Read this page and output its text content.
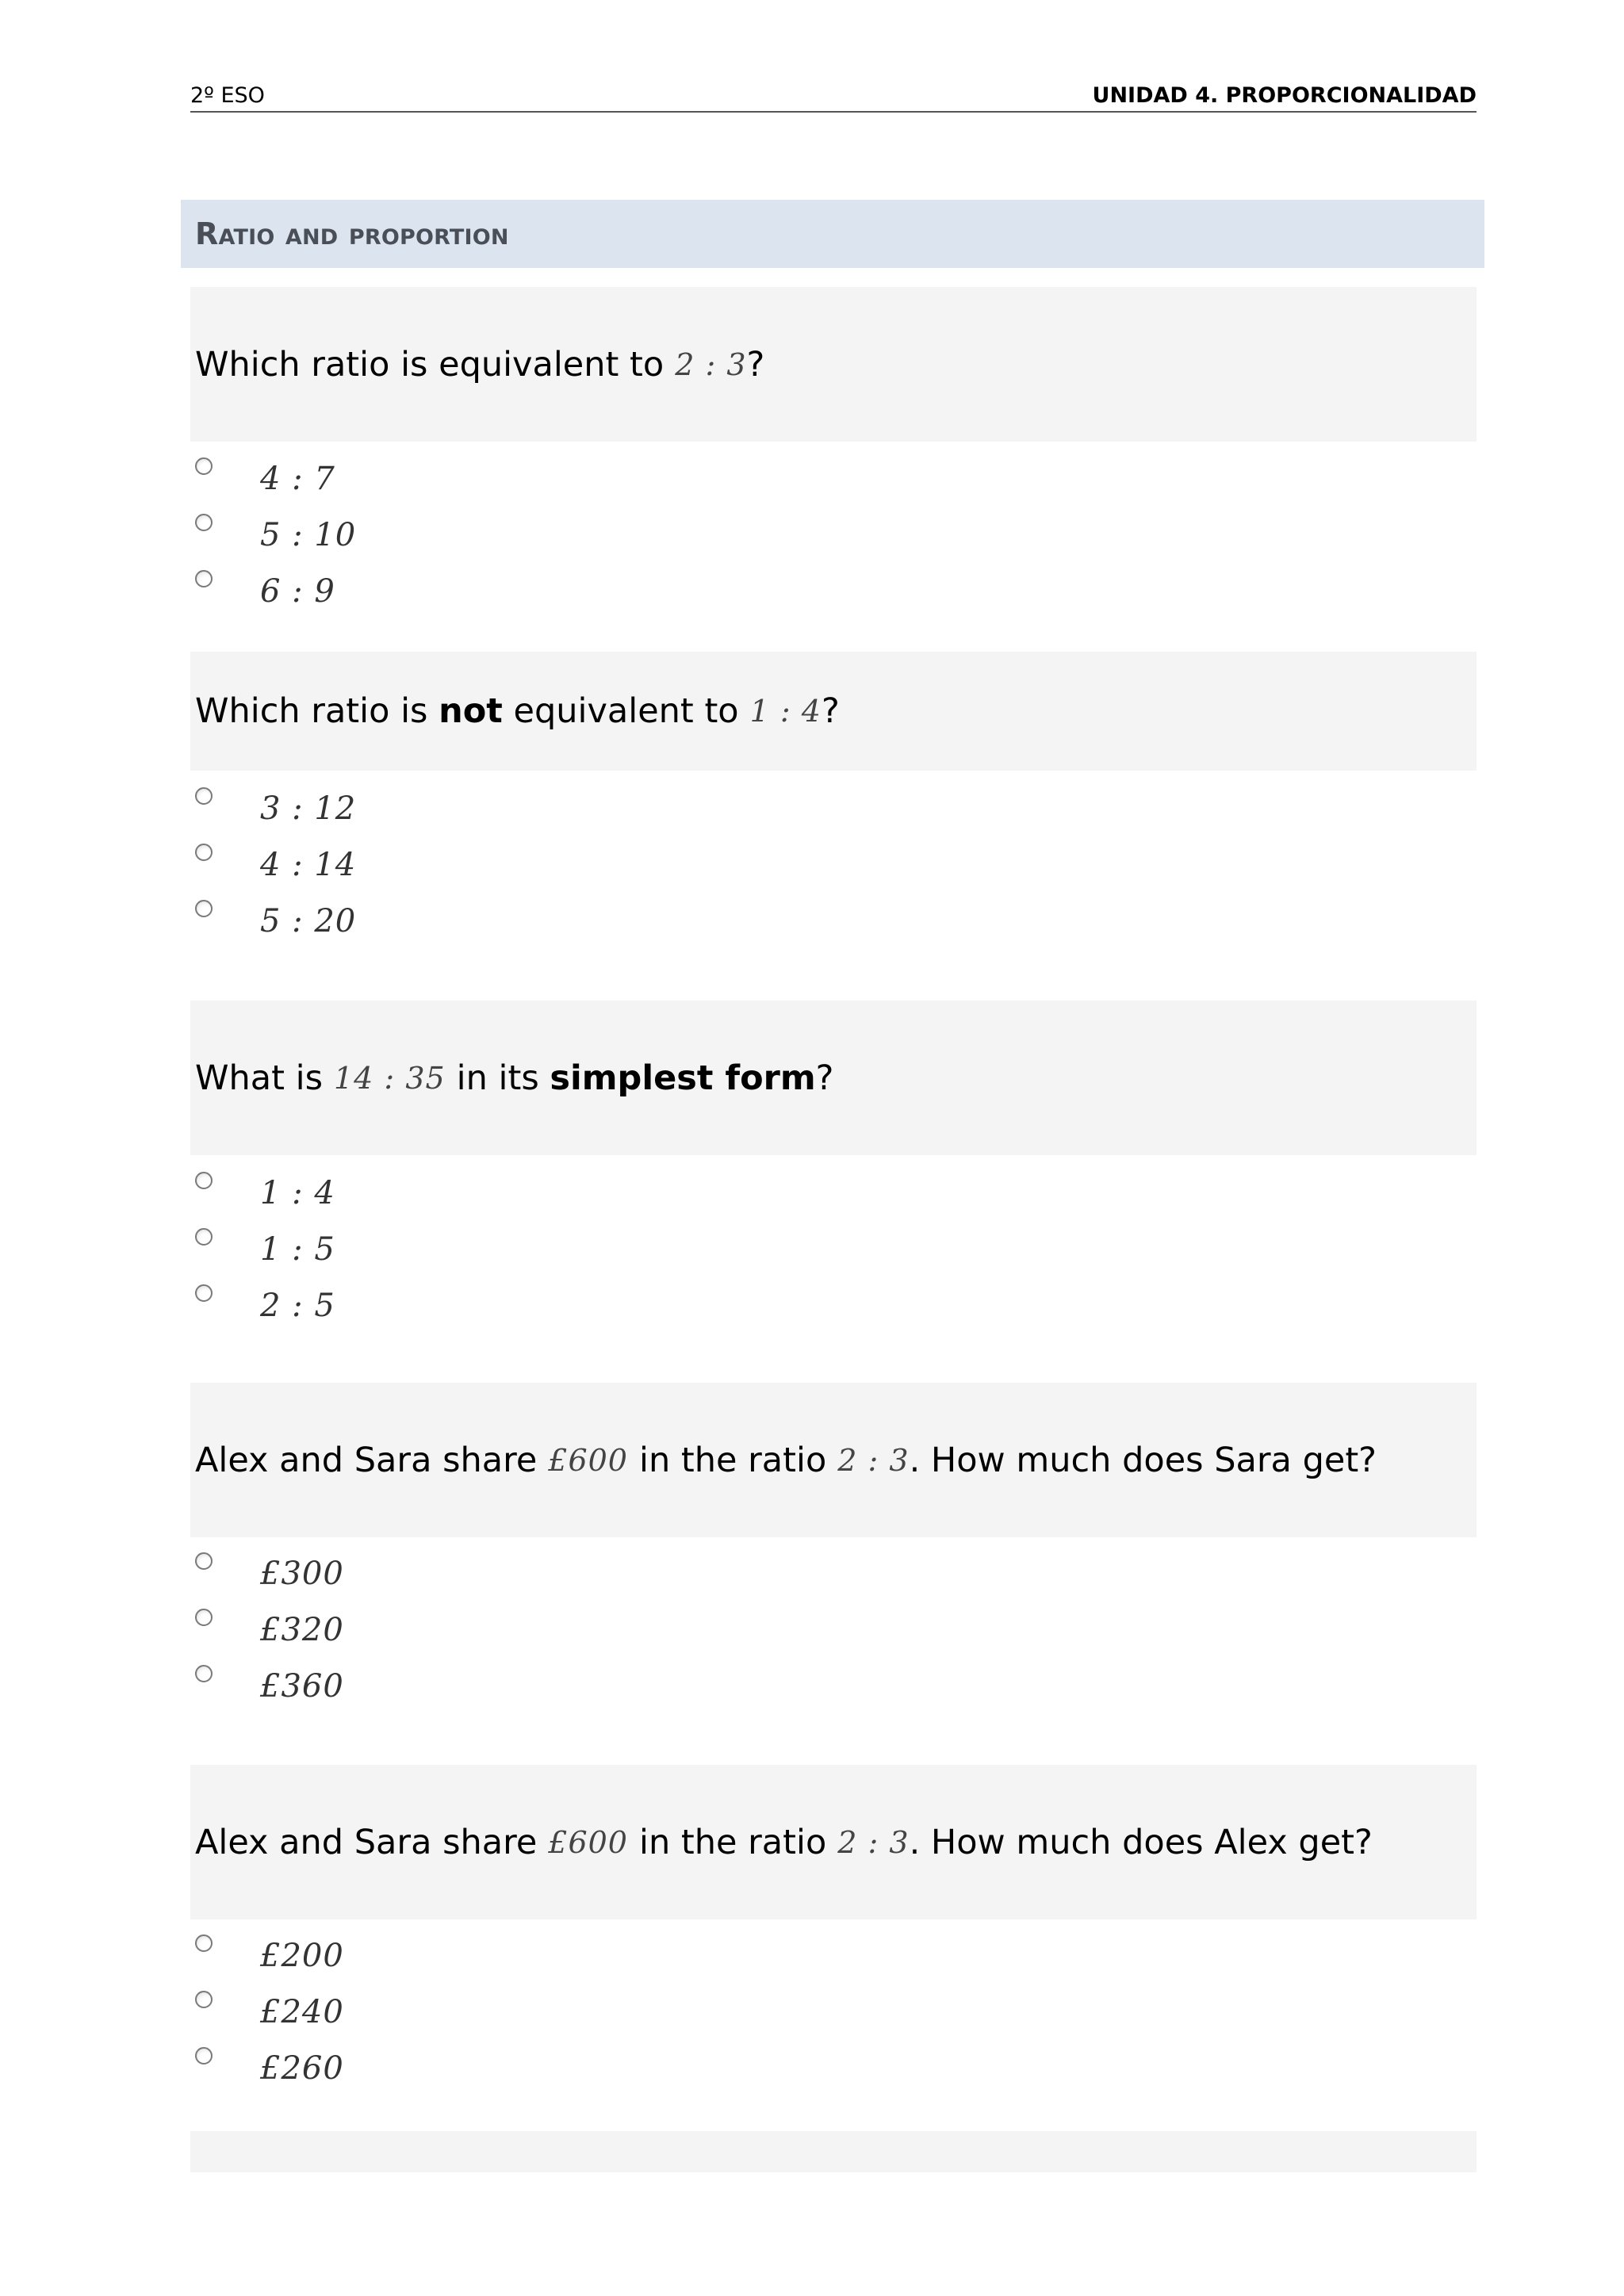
2º ESO	UNIDAD 4. PROPORCIONALIDAD
Ratio and proportion
Which ratio is equivalent to 2 : 3 ?
4 : 7
5 : 10
6 : 9
Which ratio is
not
equivalent to 1 : 4 ?
3 : 12
4 : 14
5 : 20
What is 14 : 35 in its
simplest form ?
1 : 4
1 : 5
2 : 5
Alex and Sara share £600 in the ratio 2 : 3 . How much does Sara get?
£300
£320
£360
Alex and Sara share £600 in the ratio 2 : 3 . How much does Alex get?
£200
£240
£260
